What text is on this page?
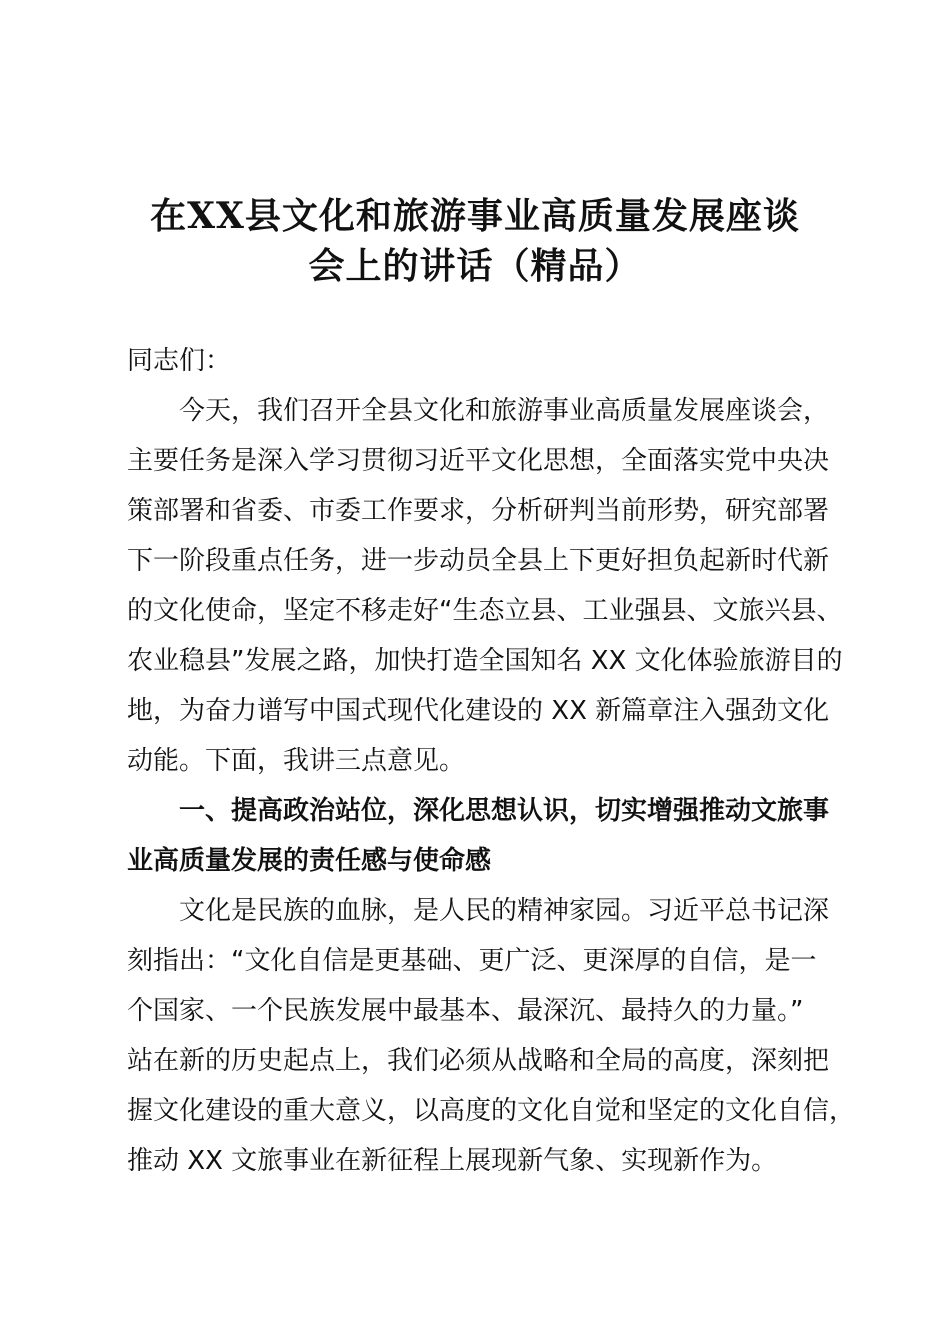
在XX县文化和旅游事业高质量发展座谈
会上的讲话（精品）
同志们：
今天，我们召开全县文化和旅游事业高质量发展座谈会，
主要任务是深入学习贯彻习近平文化思想，全面落实党中央决
策部署和省委、市委工作要求，分析研判当前形势，研究部署
下一阶段重点任务，进一步动员全县上下更好担负起新时代新
的文化使命，坚定不移走好“生态立县、工业强县、文旅兴县、
农业稳县”发展之路，加快打造全国知名 XX 文化体验旅游目的
地，为奋力谱写中国式现代化建设的 XX 新篇章注入强劲文化
动能。下面，我讲三点意见。
一、提高政治站位，深化思想认识，切实增强推动文旅事
业高质量发展的责任感与使命感
文化是民族的血脉，是人民的精神家园。习近平总书记深
刻指出：“文化自信是更基础、更广泛、更深厚的自信，是一
个国家、一个民族发展中最基本、最深沉、最持久的力量。”
站在新的历史起点上，我们必须从战略和全局的高度，深刻把
握文化建设的重大意义，以高度的文化自觉和坚定的文化自信，
推动 XX 文旅事业在新征程上展现新气象、实现新作为。
